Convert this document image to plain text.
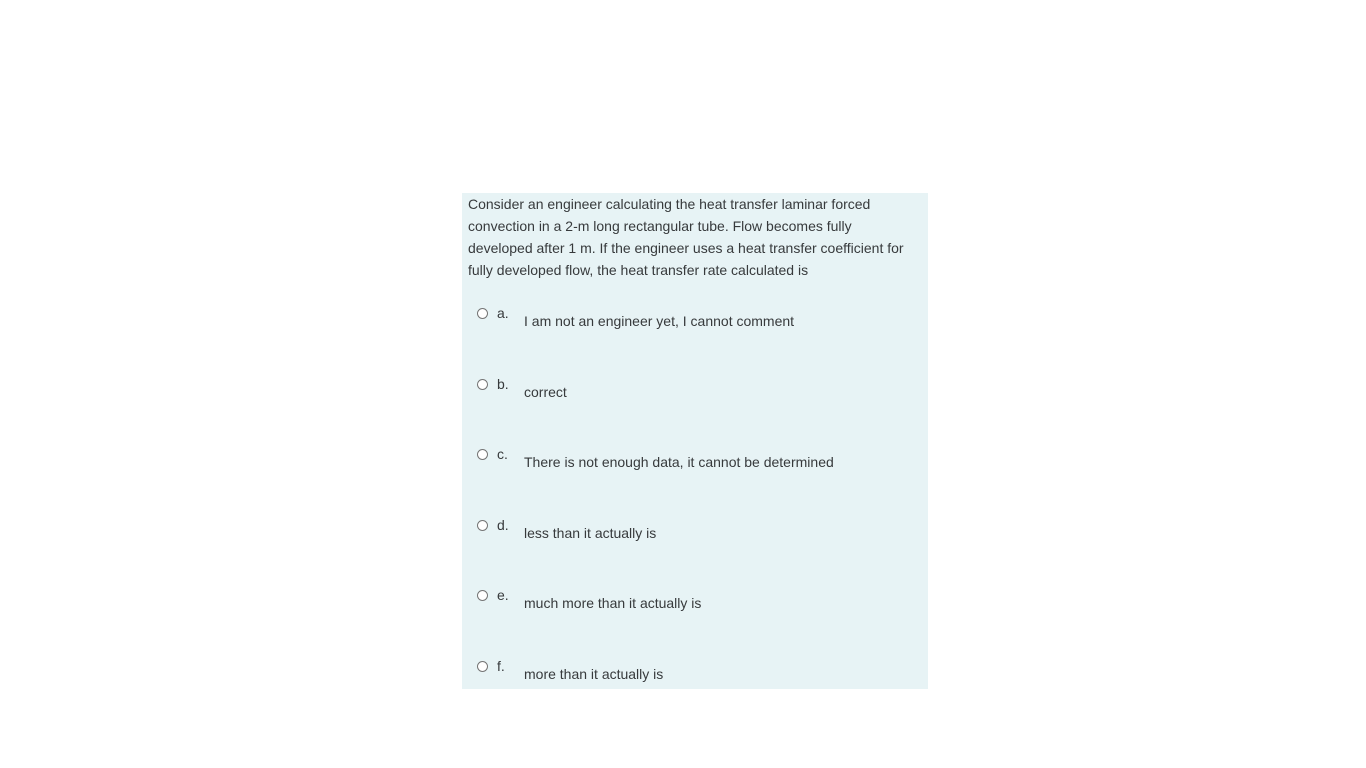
Consider an engineer calculating the heat transfer laminar forced convection in a 2-m long rectangular tube. Flow becomes fully developed after 1 m. If the engineer uses a heat transfer coefficient for fully developed flow, the heat transfer rate calculated is
a. I am not an engineer yet, I cannot comment
b. correct
c. There is not enough data, it cannot be determined
d. less than it actually is
e. much more than it actually is
f. more than it actually is
